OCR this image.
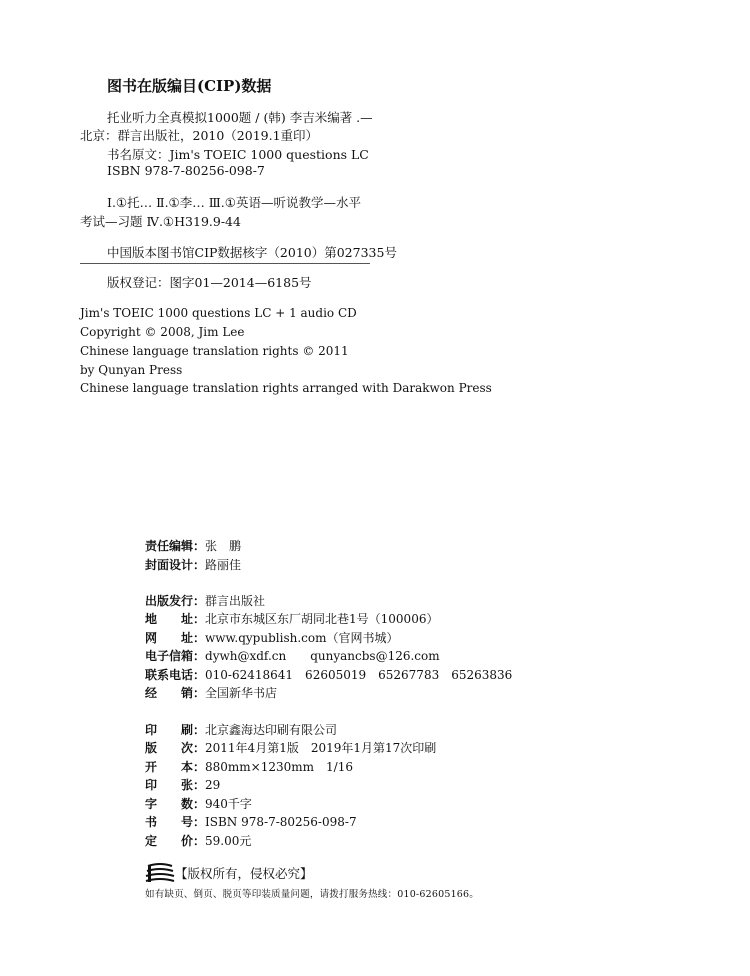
图书在版编目(CIP)数据
托业听力全真模拟1000题 / (韩) 李吉米编著 .—
北京：群言出版社，2010（2019.1重印）
书名原文：Jim's TOEIC 1000 questions LC
ISBN 978-7-80256-098-7
Ⅰ.①托… Ⅱ.①李… Ⅲ.①英语—听说教学—水平
考试—习题 Ⅳ.①H319.9-44
中国版本图书馆CIP数据核字（2010）第027335号
版权登记：图字01—2014—6185号
Jim's TOEIC 1000 questions LC + 1 audio CD
Copyright © 2008, Jim Lee
Chinese language translation rights © 2011
by Qunyan Press
Chinese language translation rights arranged with Darakwon Press
责任编辑：张　鹏
封面设计：路丽佳
出版发行：群言出版社
地　　址：北京市东城区东厂胡同北巷1号（100006）
网　　址：www.qypublish.com（官网书城）
电子信箱：dywh@xdf.cn　　qunyancbs@126.com
联系电话：010-62418641　62605019　65267783　65263836
经　　销：全国新华书店
印　　刷：北京鑫海达印刷有限公司
版　　次：2011年4月第1版　2019年1月第17次印刷
开　　本：880mm×1230mm　1/16
印　　张：29
字　　数：940千字
书　　号：ISBN 978-7-80256-098-7
定　　价：59.00元
【版权所有，侵权必究】
如有缺页、倒页、脱页等印装质量问题，请拨打服务热线：010-62605166。
